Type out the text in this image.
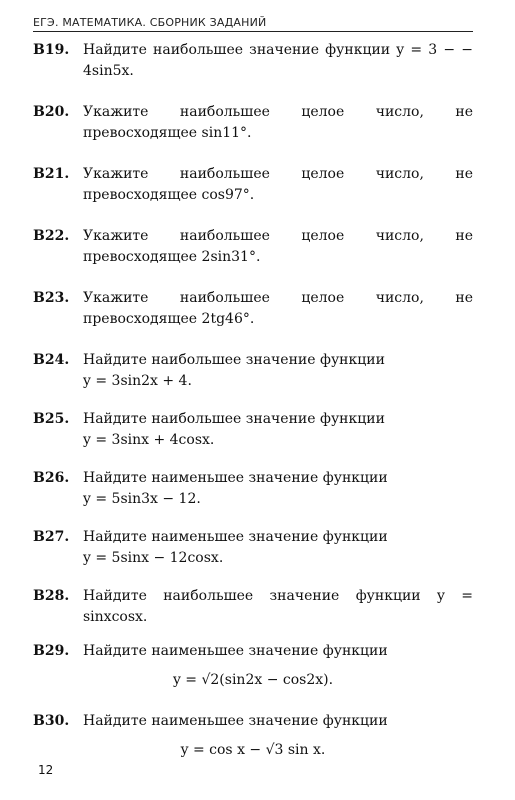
ЕГЭ. МАТЕМАТИКА. СБОРНИК ЗАДАНИЙ
В19. Найдите наибольшее значение функции y = 3 − − 4sin5x.
В20. Укажите наибольшее целое число, не превосходящее sin11°.
В21. Укажите наибольшее целое число, не превосходящее cos97°.
В22. Укажите наибольшее целое число, не превосходящее 2sin31°.
В23. Укажите наибольшее целое число, не превосходящее 2tg46°.
В24. Найдите наибольшее значение функции
y = 3sin2x + 4.
В25. Найдите наибольшее значение функции
y = 3sinx + 4cosx.
В26. Найдите наименьшее значение функции
y = 5sin3x − 12.
В27. Найдите наименьшее значение функции
y = 5sinx − 12cosx.
В28. Найдите наибольшее значение функции y = sinxcosx.
В29. Найдите наименьшее значение функции
y = √2(sin2x − cos2x).
В30. Найдите наименьшее значение функции
y = cos x − √3 sin x.
12
